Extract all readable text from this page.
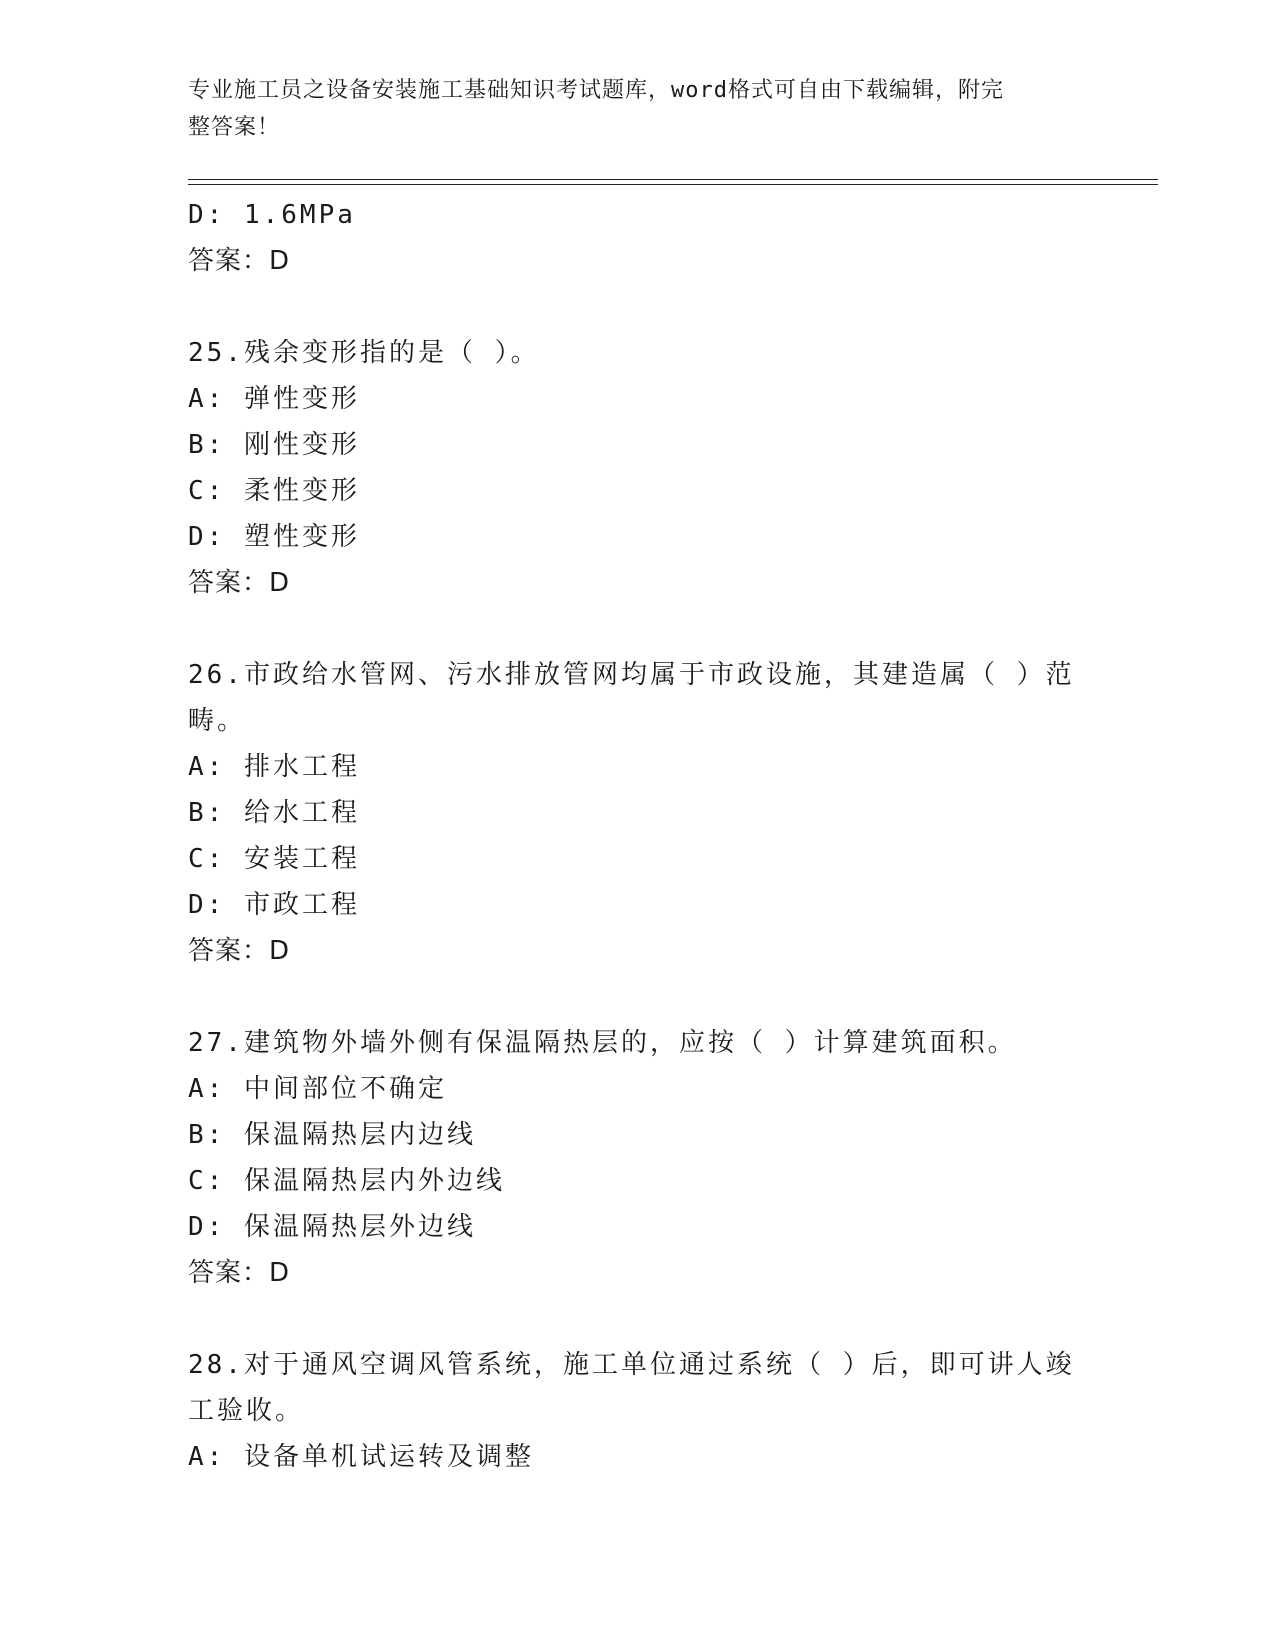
专业施工员之设备安装施工基础知识考试题库，word格式可自由下载编辑，附完
整答案！
D: 1.6MPa
答案：D
25.残余变形指的是（ ）。
A: 弹性变形
B: 刚性变形
C: 柔性变形
D: 塑性变形
答案：D
26.市政给水管网、污水排放管网均属于市政设施，其建造属（ ）范
畴。
A: 排水工程
B: 给水工程
C: 安装工程
D: 市政工程
答案：D
27.建筑物外墙外侧有保温隔热层的，应按（ ）计算建筑面积。
A: 中间部位不确定
B: 保温隔热层内边线
C: 保温隔热层内外边线
D: 保温隔热层外边线
答案：D
28.对于通风空调风管系统，施工单位通过系统（ ）后，即可讲人竣
工验收。
A: 设备单机试运转及调整
